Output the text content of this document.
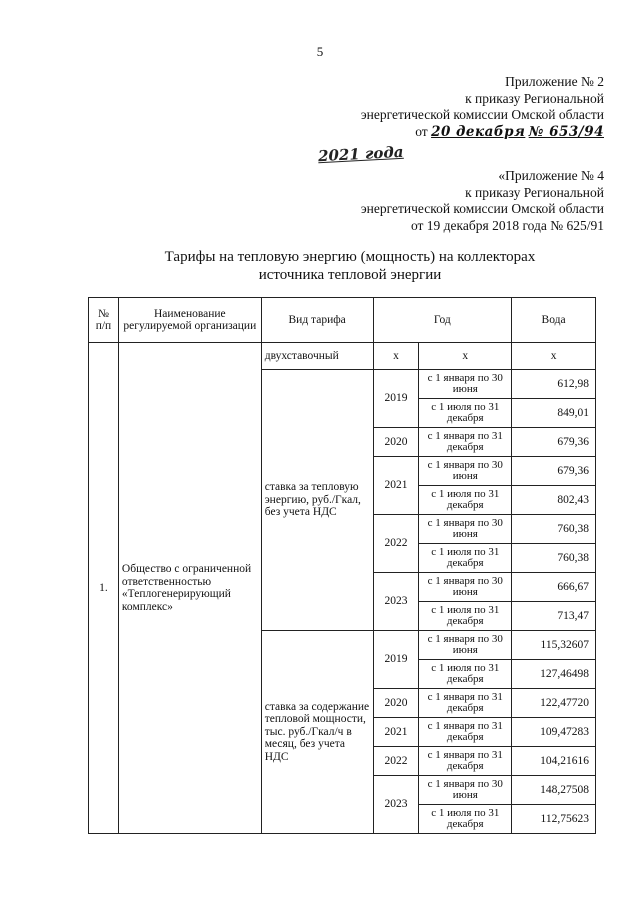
5
Приложение № 2
к приказу Региональной
энергетической комиссии Омской области
от 20 декабря № 653/94
2021 года
«Приложение № 4
к приказу Региональной
энергетической комиссии Омской области
от 19 декабря 2018 года № 625/91
Тарифы на тепловую энергию (мощность) на коллекторах
источника тепловой энергии
№ п/п	Наименование регулируемой организации	Вид тарифа	Год		Вода
1.	Общество с ограниченной ответственностью «Теплогенерирующий комплекс»	двухставочный	х	х	х
		ставка за тепловую энергию, руб./Гкал, без учета НДС	2019	с 1 января по 30 июня	612,98
				с 1 июля по 31 декабря	849,01
			2020	с 1 января по 31 декабря	679,36
			2021	с 1 января по 30 июня	679,36
				с 1 июля по 31 декабря	802,43
			2022	с 1 января по 30 июня	760,38
				с 1 июля по 31 декабря	760,38
			2023	с 1 января по 30 июня	666,67
				с 1 июля по 31 декабря	713,47
		ставка за содержание тепловой мощности, тыс. руб./Гкал/ч в месяц, без учета НДС	2019	с 1 января по 30 июня	115,32607
				с 1 июля по 31 декабря	127,46498
			2020	с 1 января по 31 декабря	122,47720
			2021	с 1 января по 31 декабря	109,47283
			2022	с 1 января по 31 декабря	104,21616
			2023	с 1 января по 30 июня	148,27508
				с 1 июля по 31 декабря	112,75623
